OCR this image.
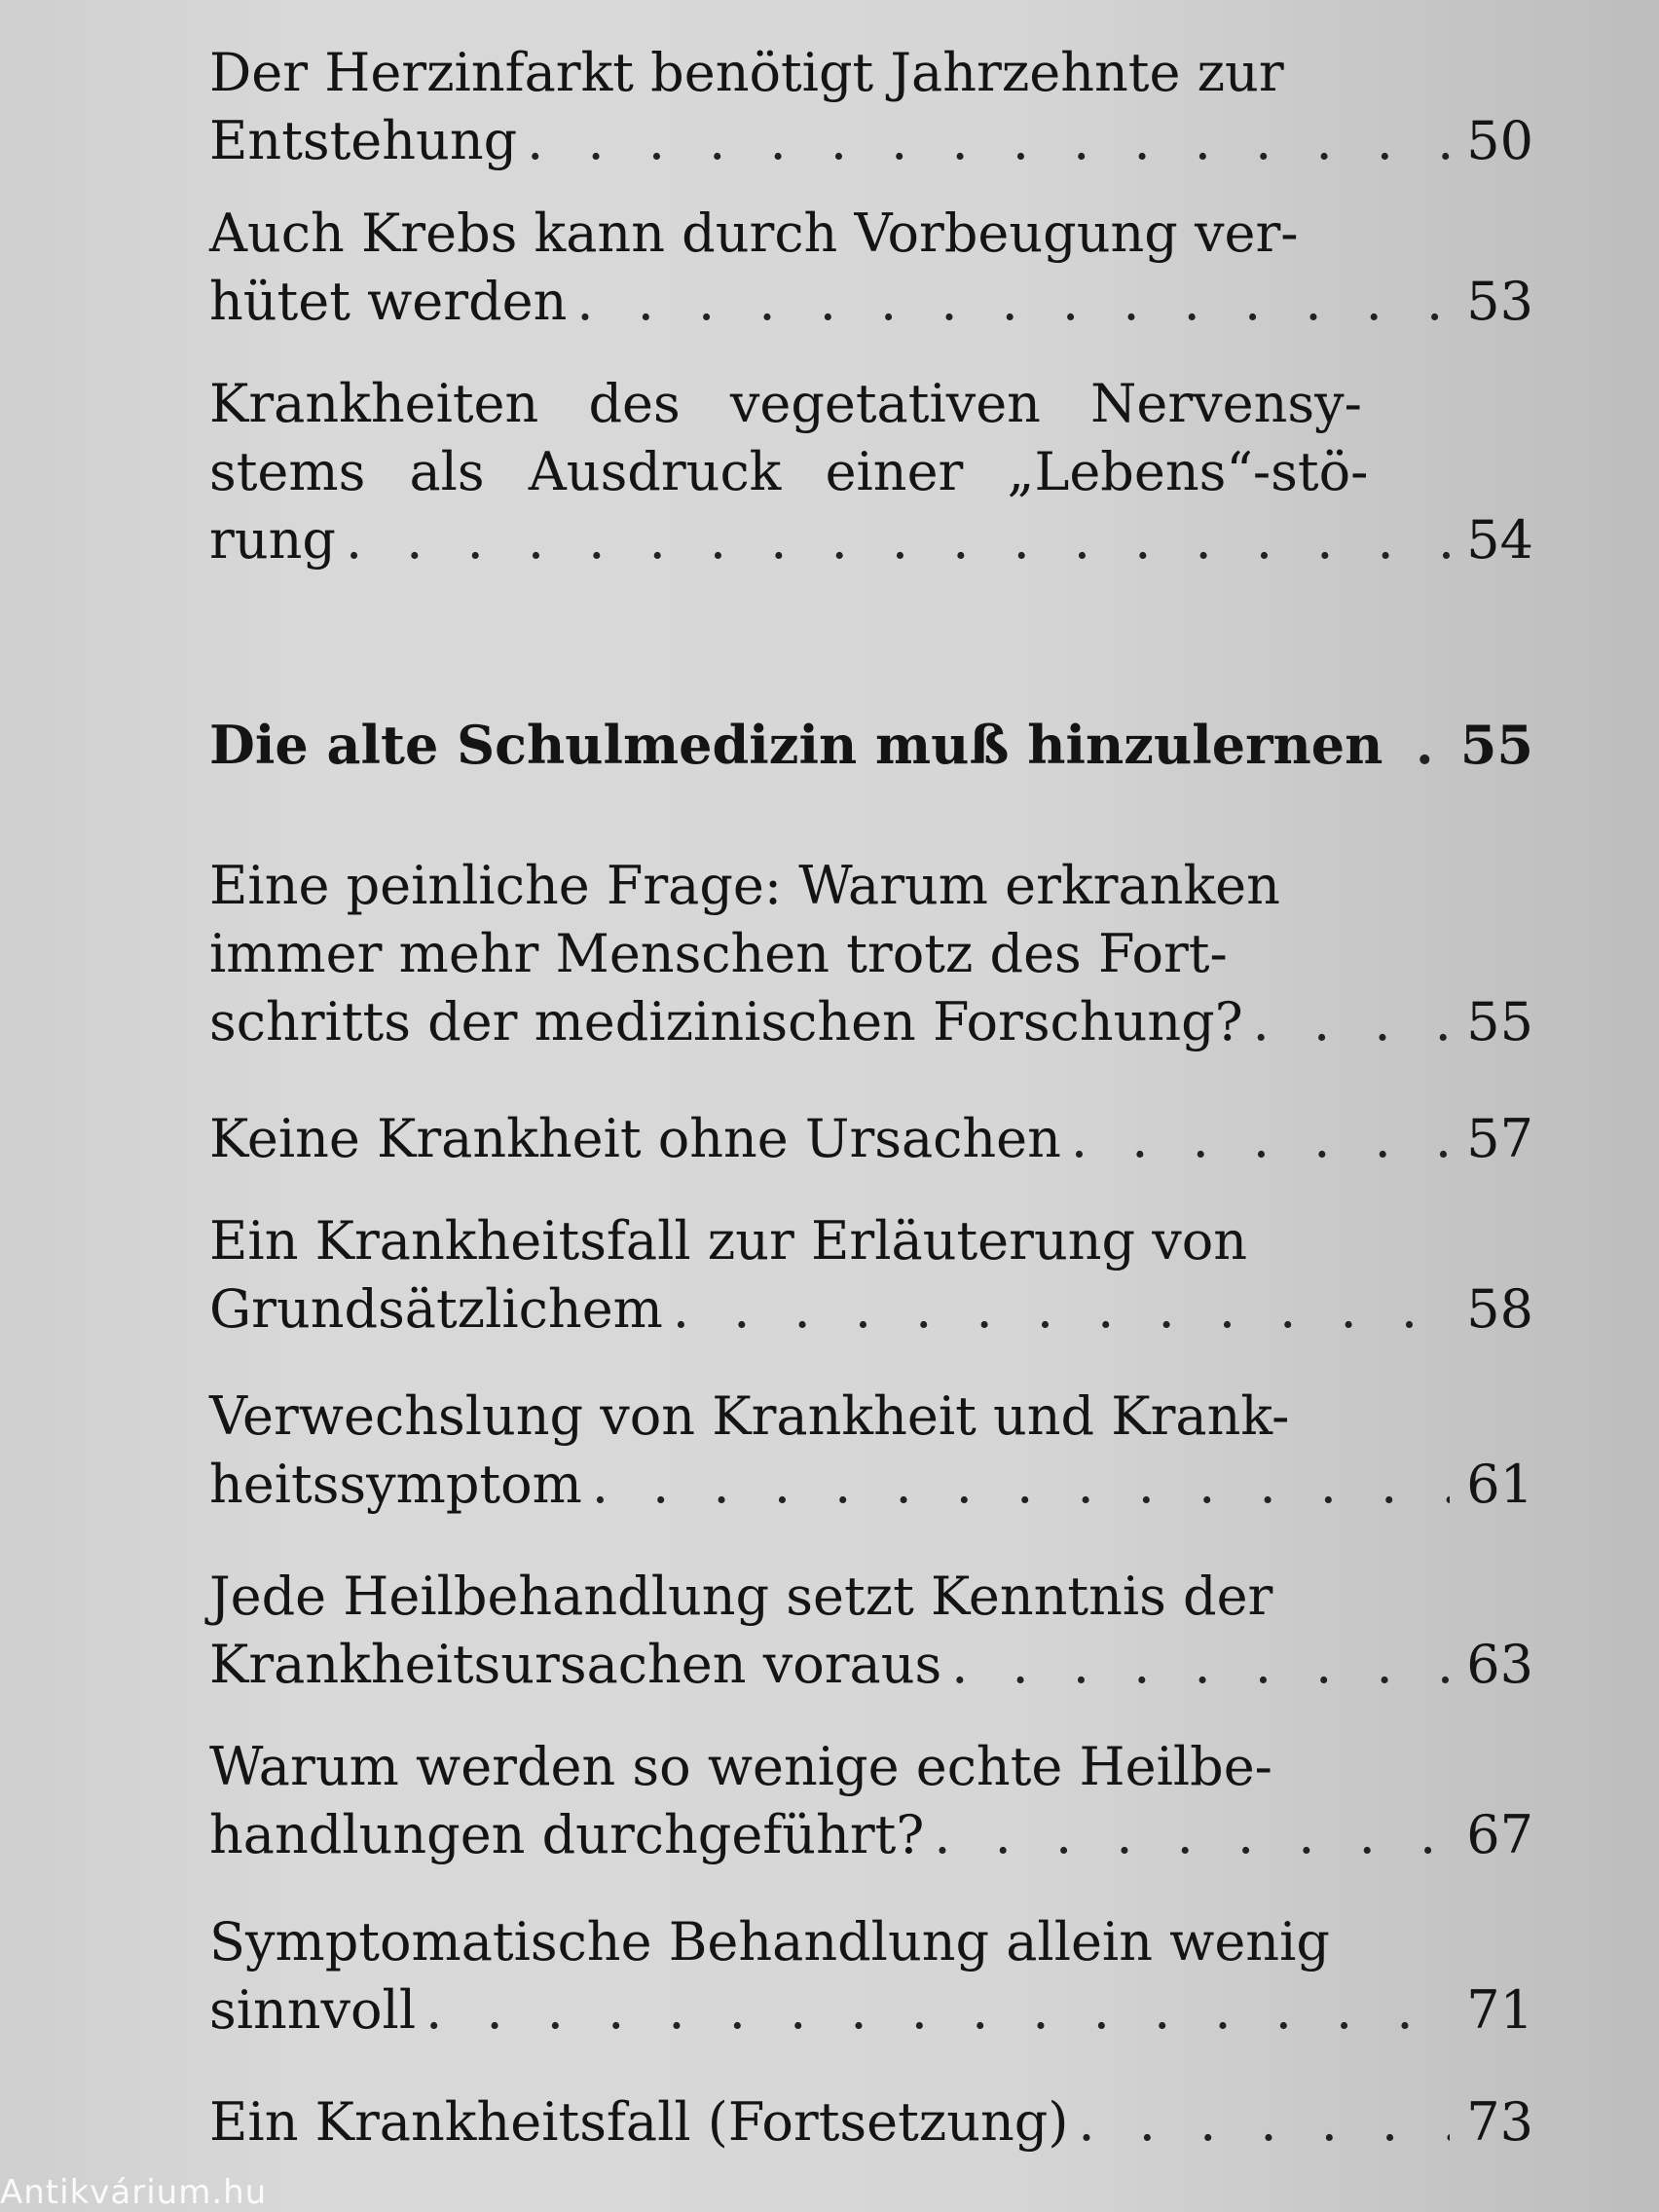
Der Herzinfarkt benötigt Jahrzehnte zur
Entstehung . . .	50
Auch Krebs kann durch Vorbeugung ver-
hütet werden . . .	53
Krankheiten des vegetativen Nervensy-
stems als Ausdruck einer „Lebens“-stö-
rung . . .	54
Die alte Schulmedizin muß hinzulernen . 55
Eine peinliche Frage: Warum erkranken
immer mehr Menschen trotz des Fort-
schritts der medizinischen Forschung? . . .	55
Keine Krankheit ohne Ursachen . . .	57
Ein Krankheitsfall zur Erläuterung von
Grundsätzlichem . . .	58
Verwechslung von Krankheit und Krank-
heitssymptom . . .	61
Jede Heilbehandlung setzt Kenntnis der
Krankheitsursachen voraus . . .	63
Warum werden so wenige echte Heilbe-
handlungen durchgeführt? . . .	67
Symptomatische Behandlung allein wenig
sinnvoll . . .	71
Ein Krankheitsfall (Fortsetzung) . . .	73
Antikvárium.hu
